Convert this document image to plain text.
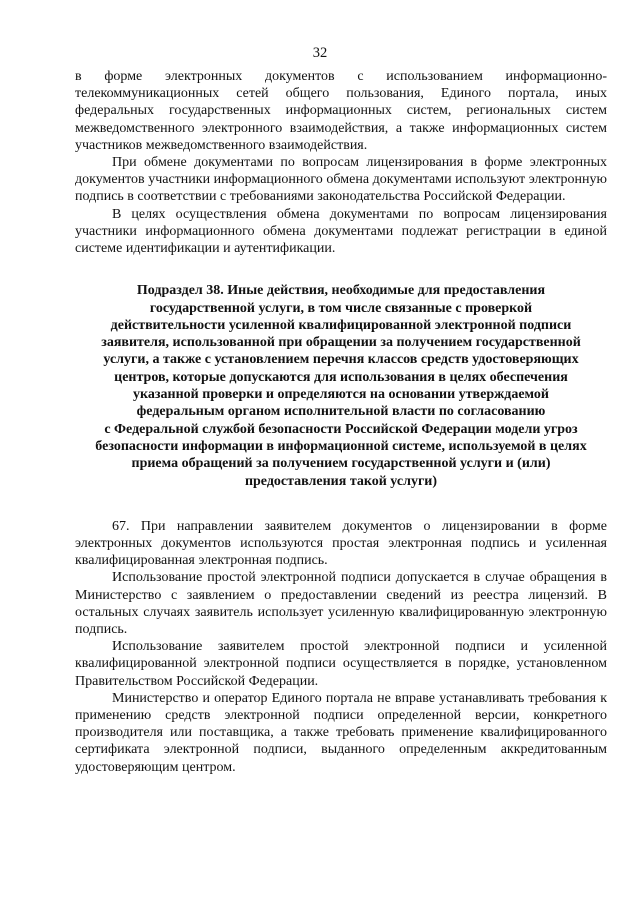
32

в форме электронных документов с использованием информационно-телекоммуникационных сетей общего пользования, Единого портала, иных федеральных государственных информационных систем, региональных систем межведомственного электронного взаимодействия, а также информационных систем участников межведомственного взаимодействия.

При обмене документами по вопросам лицензирования в форме электронных документов участники информационного обмена документами используют электронную подпись в соответствии с требованиями законодательства Российской Федерации.

В целях осуществления обмена документами по вопросам лицензирования участники информационного обмена документами подлежат регистрации в единой системе идентификации и аутентификации.

Подраздел 38. Иные действия, необходимые для предоставления
государственной услуги, в том числе связанные с проверкой
действительности усиленной квалифицированной электронной подписи
заявителя, использованной при обращении за получением государственной
услуги, а также с установлением перечня классов средств удостоверяющих
центров, которые допускаются для использования в целях обеспечения
указанной проверки и определяются на основании утверждаемой
федеральным органом исполнительной власти по согласованию
с Федеральной службой безопасности Российской Федерации модели угроз
безопасности информации в информационной системе, используемой в целях
приема обращений за получением государственной услуги и (или)
предоставления такой услуги)

67. При направлении заявителем документов о лицензировании в форме электронных документов используются простая электронная подпись и усиленная квалифицированная электронная подпись.

Использование простой электронной подписи допускается в случае обращения в Министерство с заявлением о предоставлении сведений из реестра лицензий. В остальных случаях заявитель использует усиленную квалифицированную электронную подпись.

Использование заявителем простой электронной подписи и усиленной квалифицированной электронной подписи осуществляется в порядке, установленном Правительством Российской Федерации.

Министерство и оператор Единого портала не вправе устанавливать требования к применению средств электронной подписи определенной версии, конкретного производителя или поставщика, а также требовать применение квалифицированного сертификата электронной подписи, выданного определенным аккредитованным удостоверяющим центром.
